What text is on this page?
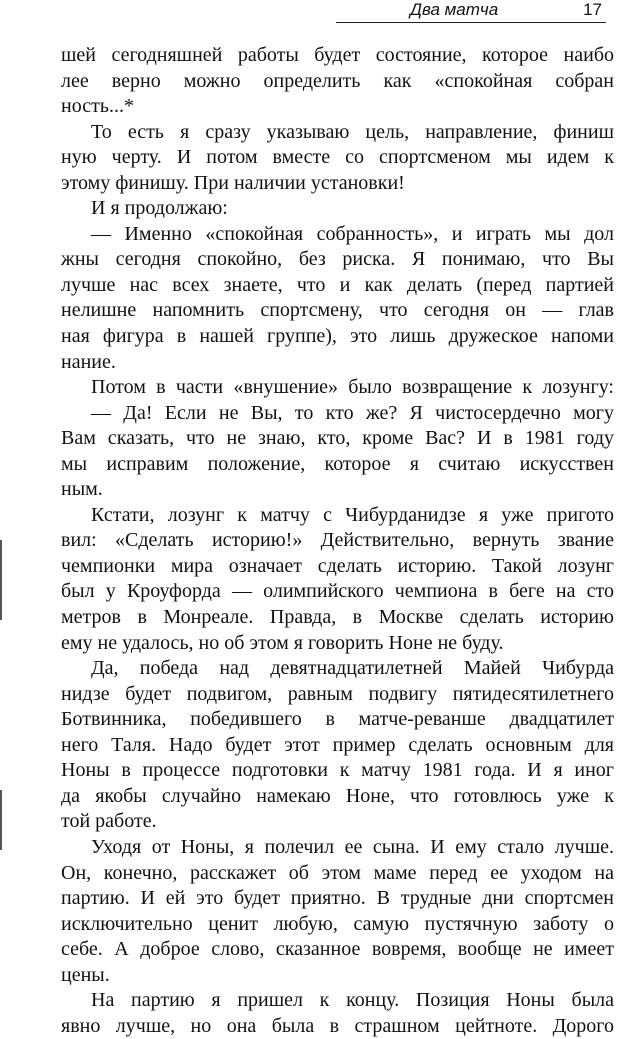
Два матча	17
шей сегодняшней работы будет состояние, которое наибо
лее верно можно определить как «спокойная собран
ность...*
То есть я сразу указываю цель, направление, финиш
ную черту. И потом вместе со спортсменом мы идем к
этому финишу. При наличии установки!
И я продолжаю:
— Именно «спокойная собранность», и играть мы дол
жны сегодня спокойно, без риска. Я понимаю, что Вы
лучше нас всех знаете, что и как делать (перед партией
нелишне напомнить спортсмену, что сегодня он — глав
ная фигура в нашей группе), это лишь дружеское напоми
нание.
Потом в части «внушение» было возвращение к лозунгу:
— Да! Если не Вы, то кто же? Я чистосердечно могу
Вам сказать, что не знаю, кто, кроме Вас? И в 1981 году
мы исправим положение, которое я считаю искусствен
ным.
Кстати, лозунг к матчу с Чибурданидзе я уже пригото
вил: «Сделать историю!» Действительно, вернуть звание
чемпионки мира означает сделать историю. Такой лозунг
был у Кроуфорда — олимпийского чемпиона в беге на сто
метров в Монреале. Правда, в Москве сделать историю
ему не удалось, но об этом я говорить Ноне не буду.
Да, победа над девятнадцатилетней Майей Чибурда
нидзе будет подвигом, равным подвигу пятидесятилетнего
Ботвинника, победившего в матче-реванше двадцатилет
него Таля. Надо будет этот пример сделать основным для
Ноны в процессе подготовки к матчу 1981 года. И я иног
да якобы случайно намекаю Ноне, что готовлюсь уже к
той работе.
Уходя от Ноны, я полечил ее сына. И ему стало лучше.
Он, конечно, расскажет об этом маме перед ее уходом на
партию. И ей это будет приятно. В трудные дни спортсмен
исключительно ценит любую, самую пустячную заботу о
себе. А доброе слово, сказанное вовремя, вообще не имеет
цены.
На партию я пришел к концу. Позиция Ноны была
явно лучше, но она была в страшном цейтноте. Дорого
